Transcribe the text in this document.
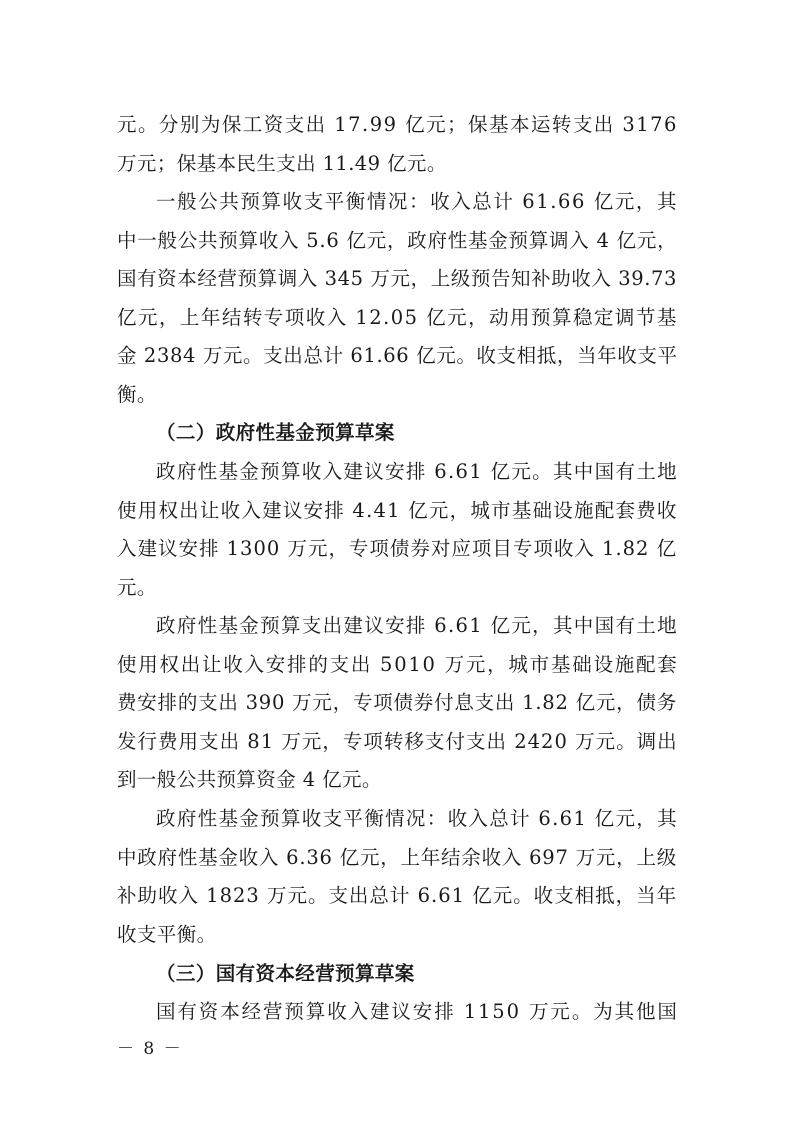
元。分别为保工资支出 17.99 亿元；保基本运转支出 3176
万元；保基本民生支出 11.49 亿元。

一般公共预算收支平衡情况：收入总计 61.66 亿元，其
中一般公共预算收入 5.6 亿元，政府性基金预算调入 4 亿元，
国有资本经营预算调入 345 万元，上级预告知补助收入 39.73
亿元，上年结转专项收入 12.05 亿元，动用预算稳定调节基
金 2384 万元。支出总计 61.66 亿元。收支相抵，当年收支平
衡。

（二）政府性基金预算草案

政府性基金预算收入建议安排 6.61 亿元。其中国有土地
使用权出让收入建议安排 4.41 亿元，城市基础设施配套费收
入建议安排 1300 万元，专项债券对应项目专项收入 1.82 亿
元。

政府性基金预算支出建议安排 6.61 亿元，其中国有土地
使用权出让收入安排的支出 5010 万元，城市基础设施配套
费安排的支出 390 万元，专项债券付息支出 1.82 亿元，债务
发行费用支出 81 万元，专项转移支付支出 2420 万元。调出
到一般公共预算资金 4 亿元。

政府性基金预算收支平衡情况：收入总计 6.61 亿元，其
中政府性基金收入 6.36 亿元，上年结余收入 697 万元，上级
补助收入 1823 万元。支出总计 6.61 亿元。收支相抵，当年
收支平衡。

（三）国有资本经营预算草案

国有资本经营预算收入建议安排 1150 万元。为其他国

－ 8 －
